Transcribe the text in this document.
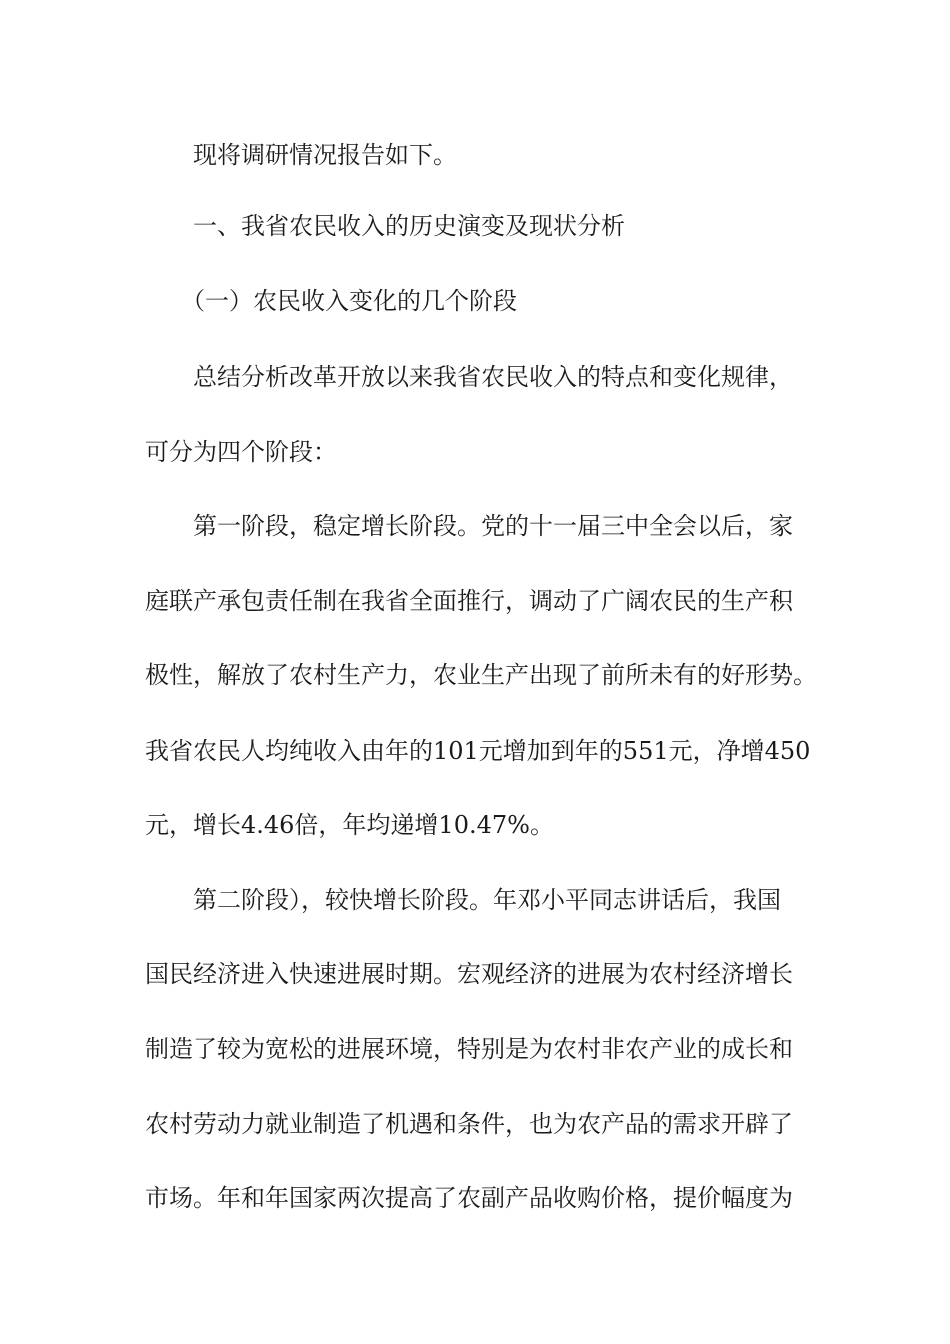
现将调研情况报告如下。
一、我省农民收入的历史演变及现状分析
（一）农民收入变化的几个阶段
总结分析改革开放以来我省农民收入的特点和变化规律，
可分为四个阶段：
第一阶段，稳定增长阶段。党的十一届三中全会以后，家
庭联产承包责任制在我省全面推行，调动了广阔农民的生产积
极性，解放了农村生产力，农业生产出现了前所未有的好形势。
我省农民人均纯收入由年的101元增加到年的551元，净增450
元，增长4.46倍，年均递增10.47%。
第二阶段），较快增长阶段。年邓小平同志讲话后，我国
国民经济进入快速进展时期。宏观经济的进展为农村经济增长
制造了较为宽松的进展环境，特别是为农村非农产业的成长和
农村劳动力就业制造了机遇和条件，也为农产品的需求开辟了
市场。年和年国家两次提高了农副产品收购价格，提价幅度为
